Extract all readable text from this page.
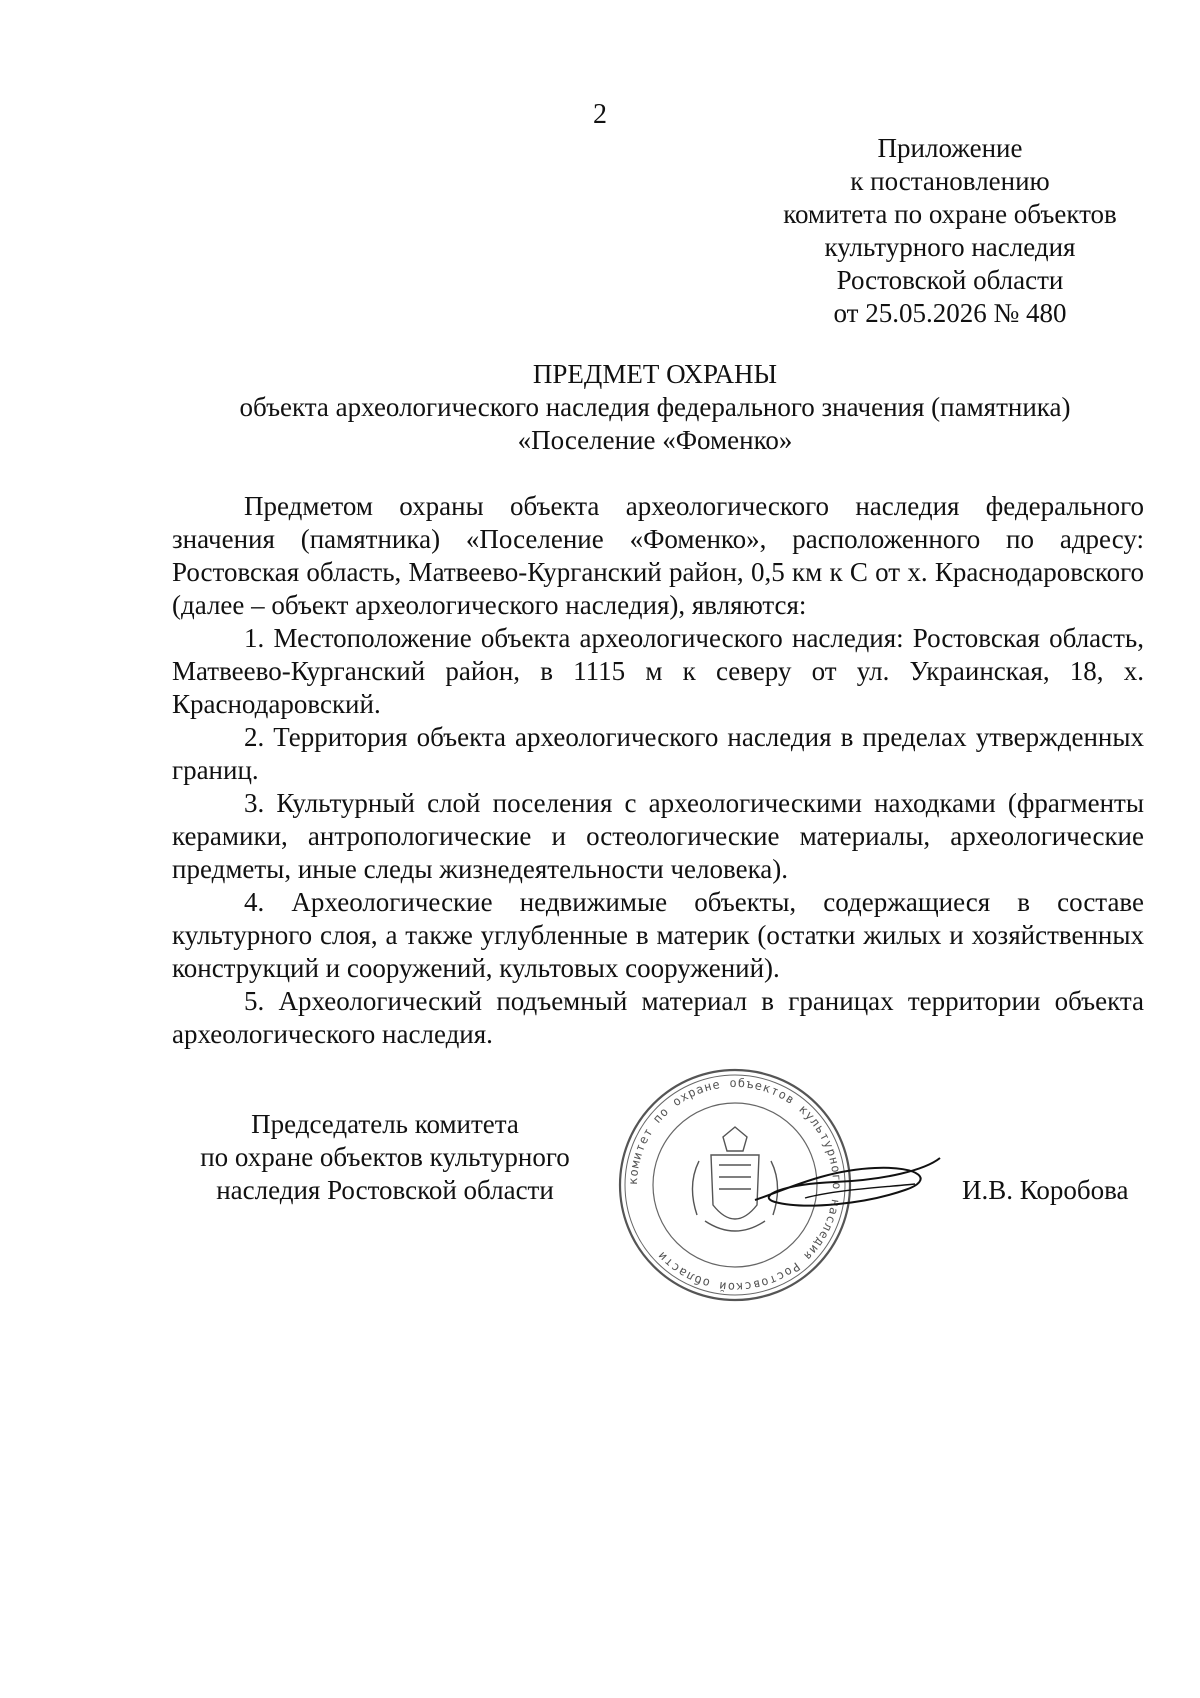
2
Приложение
к постановлению
комитета по охране объектов
культурного наследия
Ростовской области
от 25.05.2026 № 480
ПРЕДМЕТ ОХРАНЫ
объекта археологического наследия федерального значения (памятника)
«Поселение «Фоменко»

Предметом охраны объекта археологического наследия федерального значения (памятника) «Поселение «Фоменко», расположенного по адресу: Ростовская область, Матвеево-Курганский район, 0,5 км к С от х. Краснодаровского (далее – объект археологического наследия), являются:

1. Местоположение объекта археологического наследия: Ростовская область, Матвеево-Курганский район, в 1115 м к северу от ул. Украинская, 18, х. Краснодаровский.

2. Территория объекта археологического наследия в пределах утвержденных границ.

3. Культурный слой поселения с археологическими находками (фрагменты керамики, антропологические и остеологические материалы, археологические предметы, иные следы жизнедеятельности человека).

4. Археологические недвижимые объекты, содержащиеся в составе культурного слоя, а также углубленные в материк (остатки жилых и хозяйственных конструкций и сооружений, культовых сооружений).

5. Археологический подъемный материал в границах территории объекта археологического наследия.

Председатель комитета
по охране объектов культурного
наследия Ростовской области	комитет по охране объектов культурного наследия Ростовской области
И.В. Коробова
